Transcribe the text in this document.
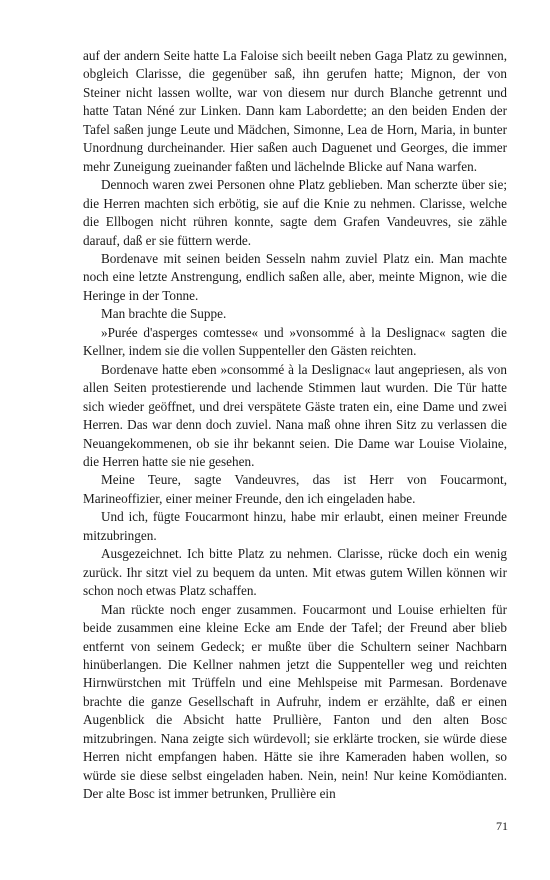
auf der andern Seite hatte La Faloise sich beeilt neben Gaga Platz zu gewinnen, obgleich Clarisse, die gegenüber saß, ihn gerufen hatte; Mignon, der von Steiner nicht lassen wollte, war von diesem nur durch Blanche getrennt und hatte Tatan Néné zur Linken. Dann kam Labordette; an den beiden Enden der Tafel saßen junge Leute und Mädchen, Simonne, Lea de Horn, Maria, in bunter Unordnung durcheinander. Hier saßen auch Daguenet und Georges, die immer mehr Zuneigung zueinander faßten und lächelnde Blicke auf Nana warfen.

Dennoch waren zwei Personen ohne Platz geblieben. Man scherzte über sie; die Herren machten sich erbötig, sie auf die Knie zu nehmen. Clarisse, welche die Ellbogen nicht rühren konnte, sagte dem Grafen Vandeuvres, sie zähle darauf, daß er sie füttern werde.

Bordenave mit seinen beiden Sesseln nahm zuviel Platz ein. Man machte noch eine letzte Anstrengung, endlich saßen alle, aber, meinte Mignon, wie die Heringe in der Tonne.

Man brachte die Suppe.

»Purée d'asperges comtesse« und »vonsommé à la Deslignac« sagten die Kellner, indem sie die vollen Suppenteller den Gästen reichten.

Bordenave hatte eben »consommé à la Deslignac« laut angepriesen, als von allen Seiten protestierende und lachende Stimmen laut wurden. Die Tür hatte sich wieder geöffnet, und drei verspätete Gäste traten ein, eine Dame und zwei Herren. Das war denn doch zuviel. Nana maß ohne ihren Sitz zu verlassen die Neuangekommenen, ob sie ihr bekannt seien. Die Dame war Louise Violaine, die Herren hatte sie nie gesehen.

Meine Teure, sagte Vandeuvres, das ist Herr von Foucarmont, Marineoffizier, einer meiner Freunde, den ich eingeladen habe.

Und ich, fügte Foucarmont hinzu, habe mir erlaubt, einen meiner Freunde mitzubringen.

Ausgezeichnet. Ich bitte Platz zu nehmen. Clarisse, rücke doch ein wenig zurück. Ihr sitzt viel zu bequem da unten. Mit etwas gutem Willen können wir schon noch etwas Platz schaffen.

Man rückte noch enger zusammen. Foucarmont und Louise erhielten für beide zusammen eine kleine Ecke am Ende der Tafel; der Freund aber blieb entfernt von seinem Gedeck; er mußte über die Schultern seiner Nachbarn hinüberlangen. Die Kellner nahmen jetzt die Suppenteller weg und reichten Hirnwürstchen mit Trüffeln und eine Mehlspeise mit Parmesan. Bordenave brachte die ganze Gesellschaft in Aufruhr, indem er erzählte, daß er einen Augenblick die Absicht hatte Prullière, Fanton und den alten Bosc mitzubringen. Nana zeigte sich würdevoll; sie erklärte trocken, sie würde diese Herren nicht empfangen haben. Hätte sie ihre Kameraden haben wollen, so würde sie diese selbst eingeladen haben. Nein, nein! Nur keine Komödianten. Der alte Bosc ist immer betrunken, Prullière ein

71
